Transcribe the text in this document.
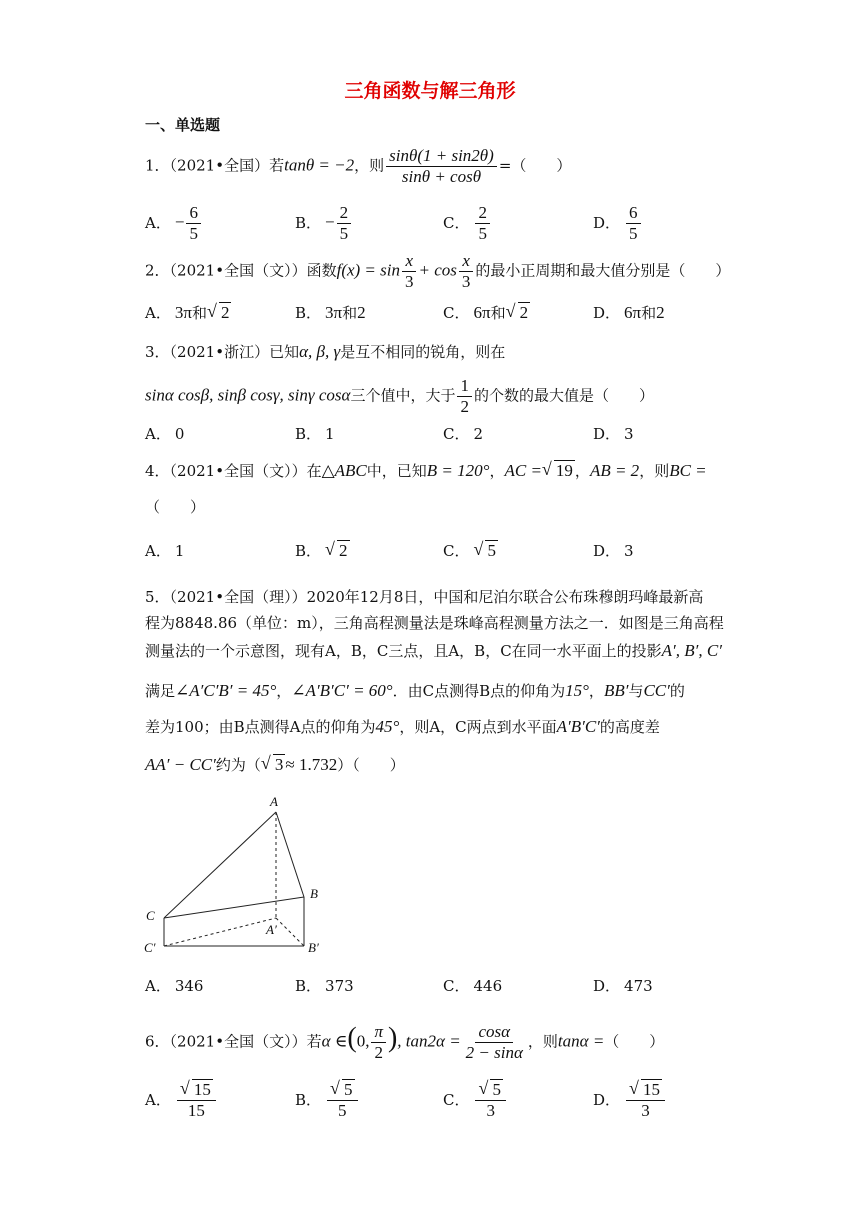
三角函数与解三角形
一、单选题
1．（2021•全国）若tanθ = −2，则 $\frac{\sin\theta(1 + \sin 2\theta)}{\sin\theta + \cos\theta}$ =（　　）
A． − $\frac{6}{5}$	B． − $\frac{2}{5}$	C． $\frac{2}{5}$	D． $\frac{6}{5}$
2．（2021•全国（文））函数$f(x) = \sin \frac{x}{3} + \cos \frac{x}{3}$ 的最小正周期和最大值分别是（　　）
A． 3π和 √ 2	B． 3π和2	C． 6π和 √ 2	D． 6π和2
3．（2021•浙江）已知α, β, γ是互不相同的锐角，则在
sinα cosβ, sinβ cosγ, sinγ cosα三个值中，大于 $\frac{1}{2}$ 的个数的最大值是（　　）
A． 0	B． 1	C． 2	D． 3
4．（2021•全国（文））在△ABC中，已知B = 120°，AC = √ 19 ，AB = 2，则BC =
（　　）
A． 1	B． √ 2	C． √ 5	D． 3
5．（2021•全国（理））2020年12月8日，中国和尼泊尔联合公布珠穆朗玛峰最新高
程为8848.86（单位：m），三角高程测量法是珠峰高程测量方法之一．如图是三角高程
测量法的一个示意图，现有A，B，C三点，且A，B，C在同一水平面上的投影A′, B′, C′
满足∠A′C′B′ = 45°，∠A′B′C′ = 60°．由C点测得B点的仰角为15°，BB′与CC′的
差为100；由B点测得A点的仰角为45°，则A，C两点到水平面A′B′C′的高度差
AA′ − CC′约为（ √ 3 ≈ 1.732）（　　）
A
B
C
A′
B′
C′
A． 346	B． 373	C． 446	D． 473
6．（2021•全国（文））若α ∈(0, $\frac{\pi}{2}$ ), $\tan 2\alpha = \frac{\cos\alpha}{2 - \sin\alpha}$ ，则tanα =（　　）
A． √ $\frac{15}{15}$	B． √ $\frac{5}{5}$	C． √ $\frac{5}{3}$	D． √ $\frac{15}{3}$
